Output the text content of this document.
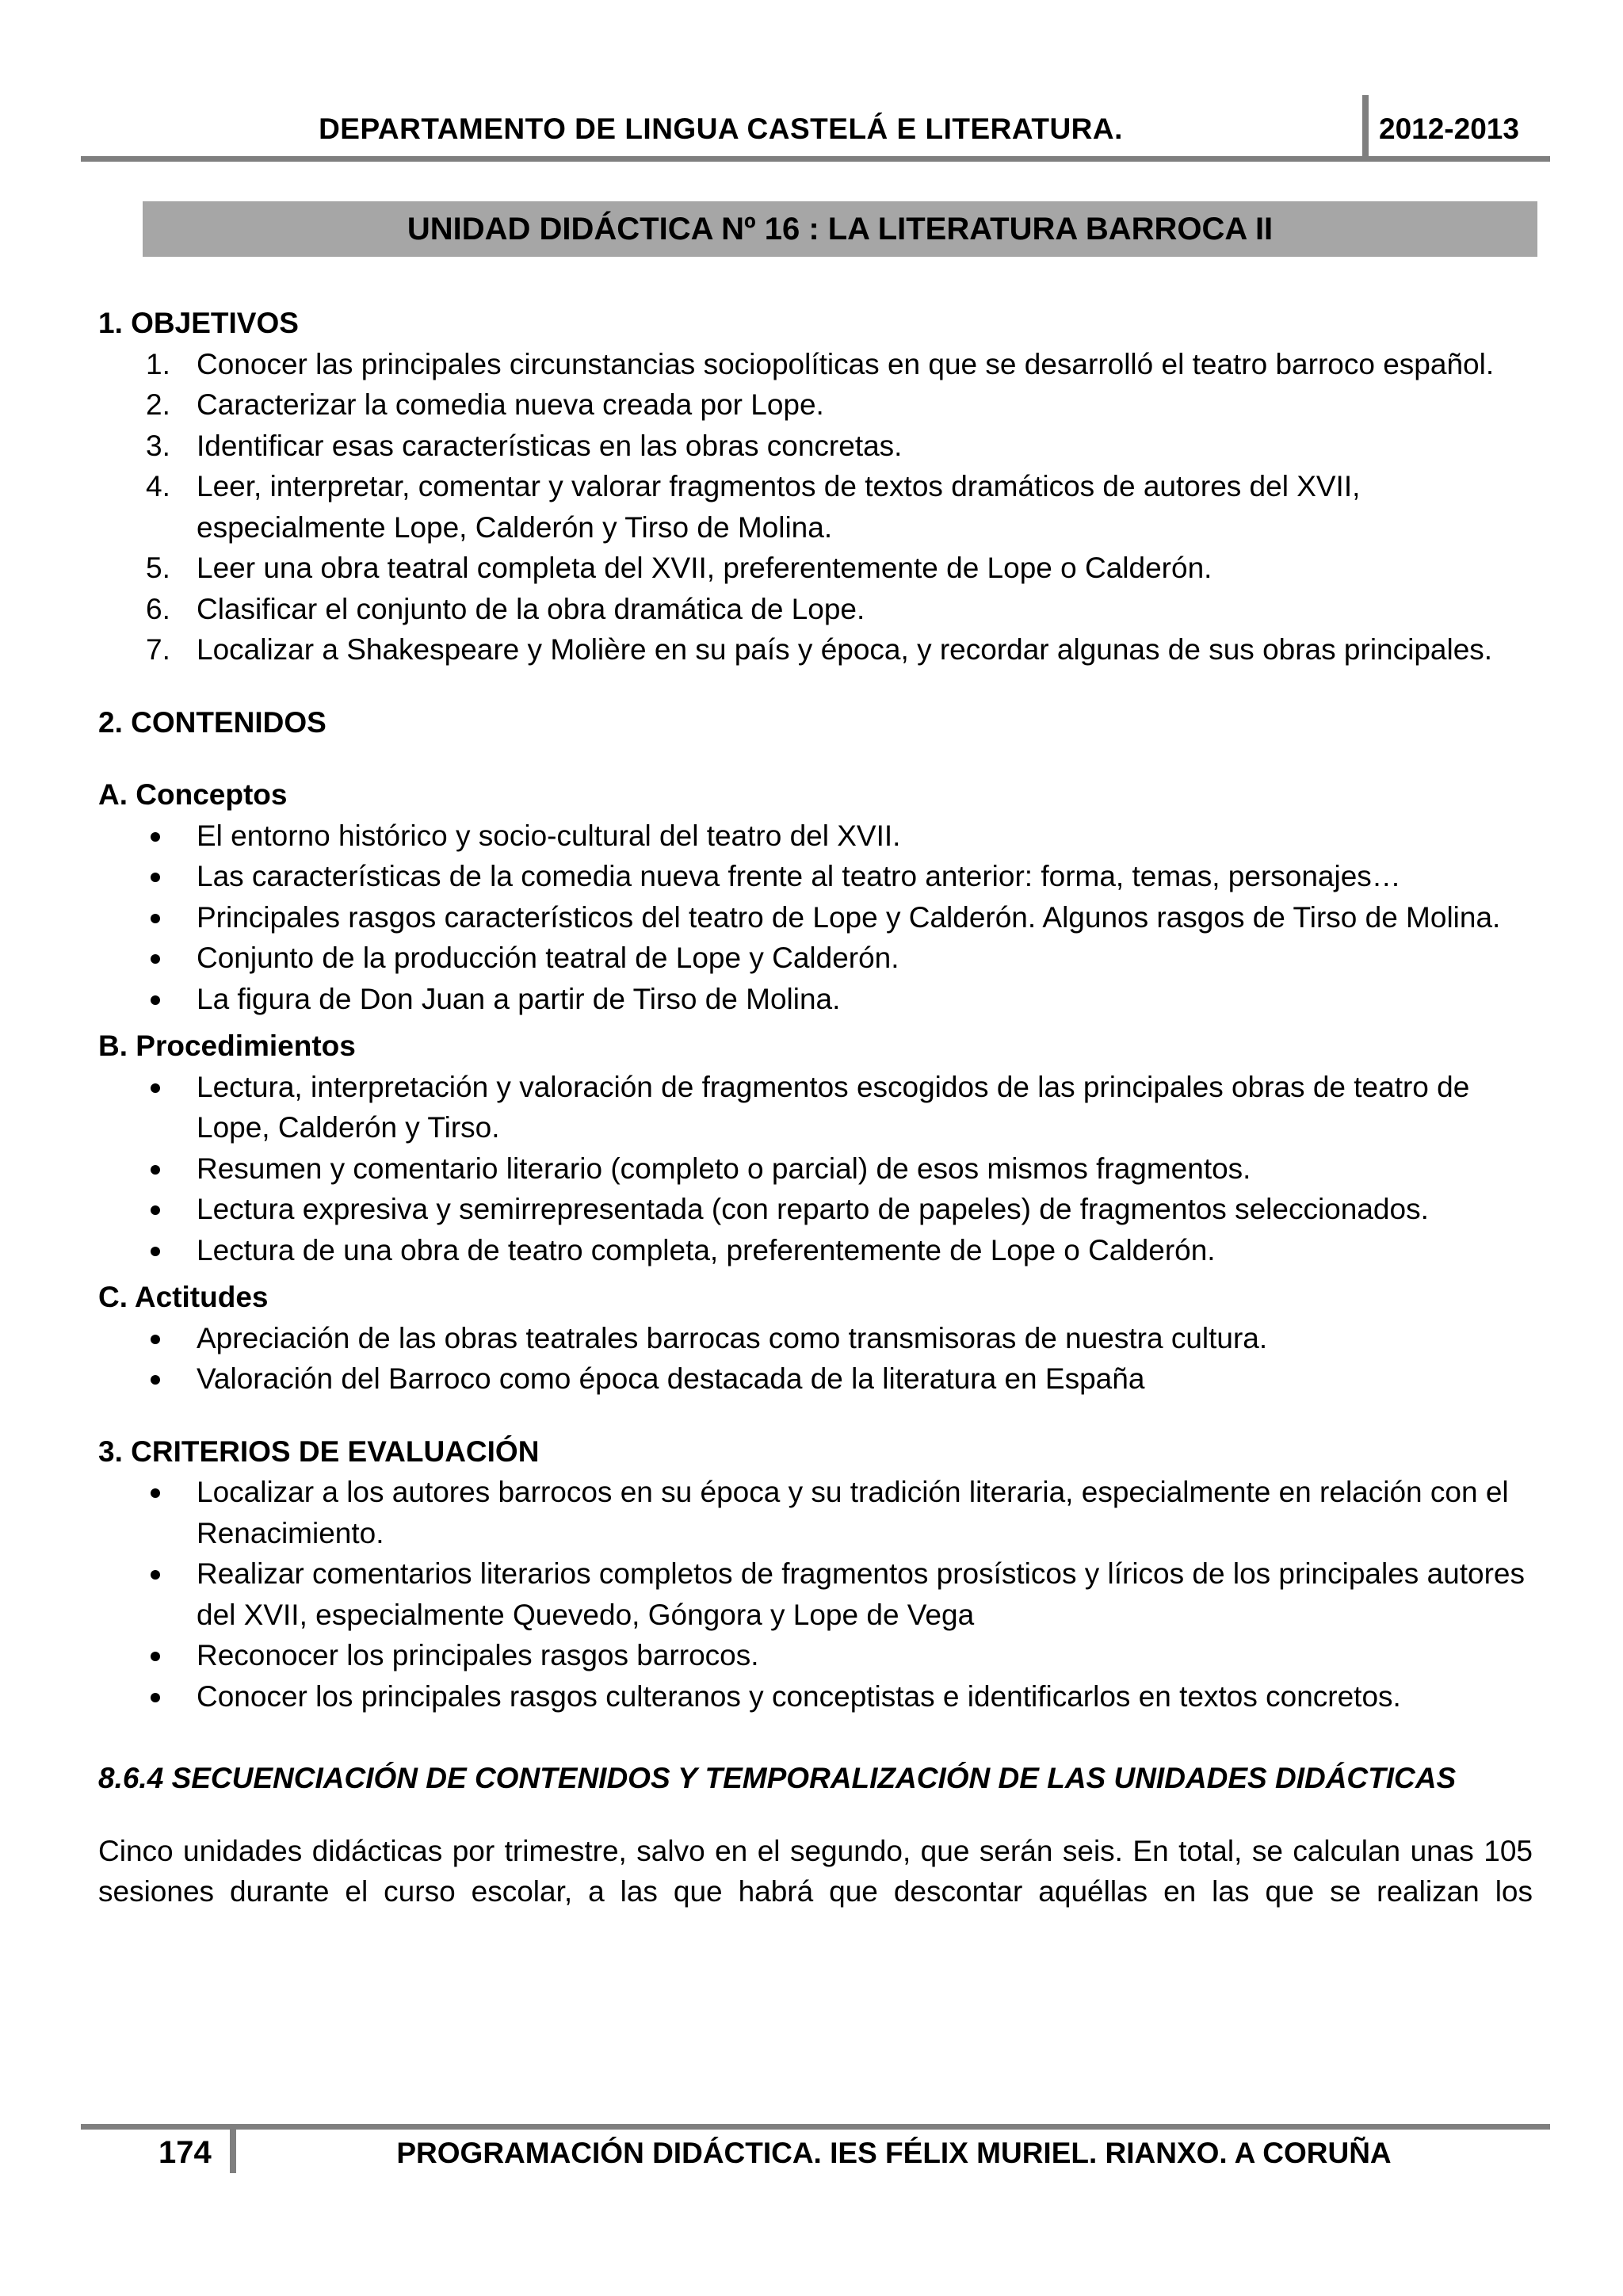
DEPARTAMENTO DE LINGUA CASTELÁ E LITERATURA.	2012-2013
UNIDAD DIDÁCTICA Nº 16 : LA LITERATURA BARROCA II
1. OBJETIVOS
1. Conocer las principales circunstancias sociopolíticas en que se desarrolló el teatro barroco español.
2. Caracterizar la comedia nueva creada por Lope.
3. Identificar esas características en las obras concretas.
4. Leer, interpretar, comentar y valorar fragmentos de textos dramáticos de autores del XVII, especialmente Lope, Calderón y Tirso de Molina.
5. Leer una obra teatral completa del XVII, preferentemente de Lope o Calderón.
6. Clasificar el conjunto de la obra dramática de Lope.
7. Localizar a Shakespeare y Molière en su país y época, y recordar algunas de sus obras principales.
2. CONTENIDOS
A. Conceptos
El entorno histórico y socio-cultural del teatro del XVII.
Las características de la comedia nueva frente al teatro anterior: forma, temas, personajes…
Principales rasgos característicos del teatro de Lope y Calderón. Algunos rasgos de Tirso de Molina.
Conjunto de la producción teatral de Lope y Calderón.
La figura de Don Juan a partir de Tirso de Molina.
B. Procedimientos
Lectura, interpretación y valoración de fragmentos escogidos de las principales obras de teatro de Lope, Calderón y Tirso.
Resumen y comentario literario (completo o parcial) de esos mismos fragmentos.
Lectura expresiva y semirrepresentada (con reparto de papeles) de fragmentos seleccionados.
Lectura de una obra de teatro completa, preferentemente de Lope o Calderón.
C. Actitudes
Apreciación de las obras teatrales barrocas como transmisoras de nuestra cultura.
Valoración del Barroco como época destacada de la literatura en España
3. CRITERIOS DE EVALUACIÓN
Localizar a los autores barrocos en su época y su tradición literaria, especialmente en relación con el Renacimiento.
Realizar comentarios literarios completos de fragmentos prosísticos y líricos de los principales autores del XVII, especialmente Quevedo, Góngora y Lope de Vega
Reconocer los principales rasgos barrocos.
Conocer los principales rasgos culteranos y conceptistas e identificarlos en textos concretos.
8.6.4 SECUENCIACIÓN DE CONTENIDOS Y TEMPORALIZACIÓN DE LAS UNIDADES DIDÁCTICAS
Cinco unidades didácticas por trimestre, salvo en el segundo, que serán seis. En total, se calculan unas 105 sesiones durante el curso escolar, a las que habrá que descontar aquéllas en las que se realizan los
174	PROGRAMACIÓN DIDÁCTICA. IES FÉLIX MURIEL. RIANXO. A CORUÑA
